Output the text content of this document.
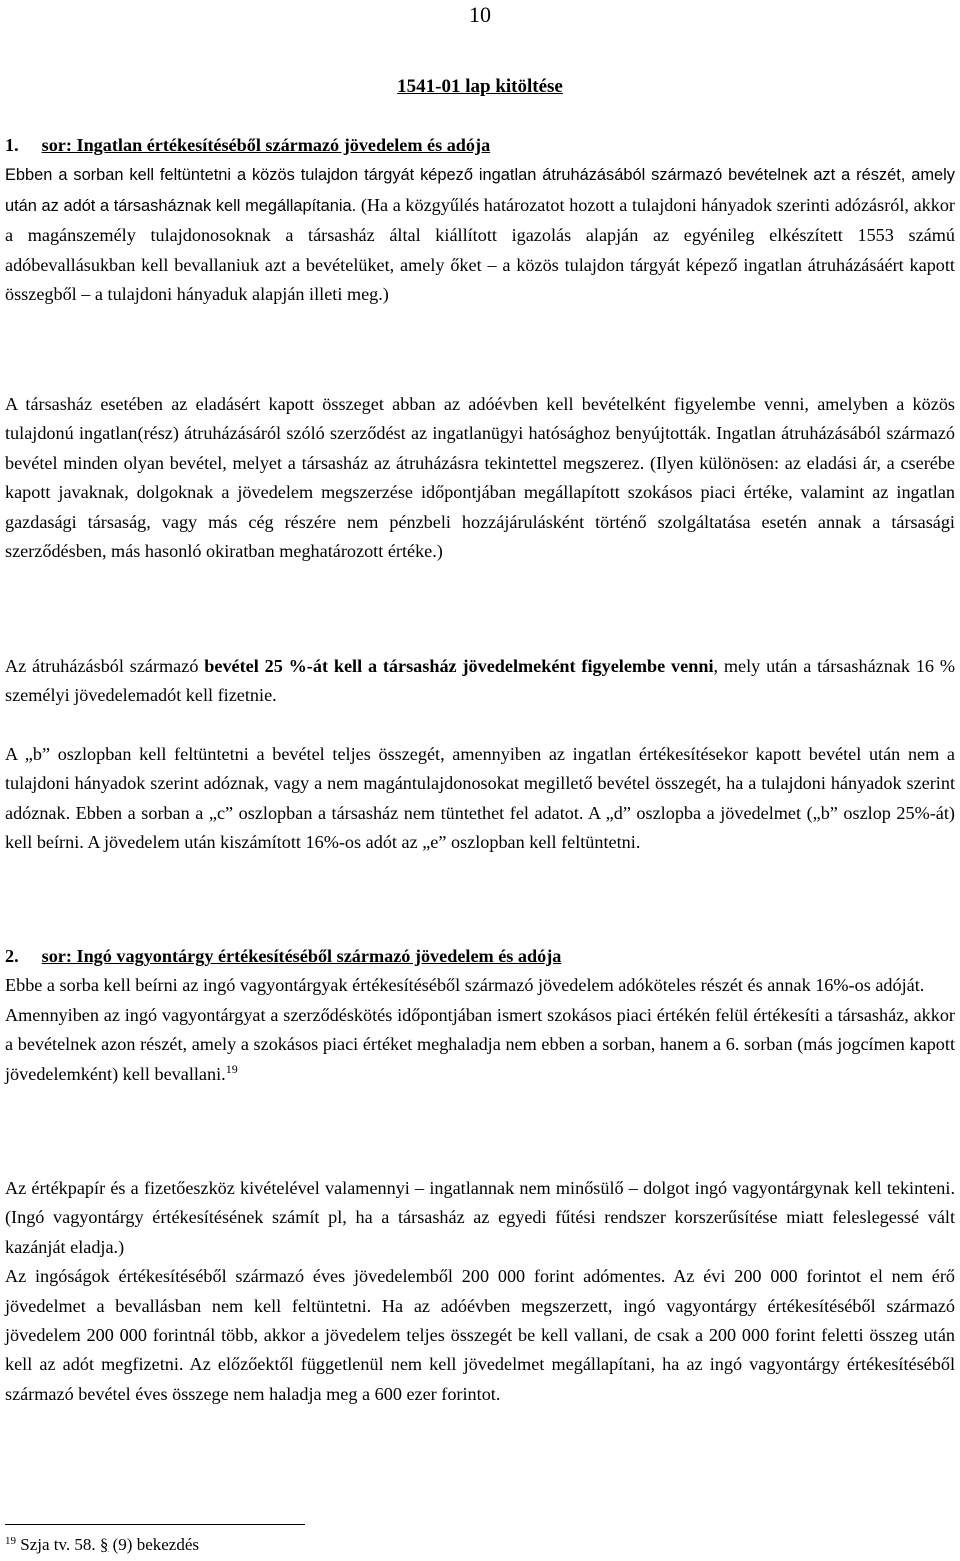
10
1541-01 lap kitöltése

1. sor: Ingatlan értékesítéséből származó jövedelem és adója

Ebben a sorban kell feltüntetni a közös tulajdon tárgyát képező ingatlan átruházásából származó bevételnek azt a részét, amely után az adót a társasháznak kell megállapítania. (Ha a közgyűlés határozatot hozott a tulajdoni hányadok szerinti adózásról, akkor a magánszemély tulajdonosoknak a társasház által kiállított igazolás alapján az egyénileg elkészített 1553 számú adóbevallásukban kell bevallaniuk azt a bevételüket, amely őket – a közös tulajdon tárgyát képező ingatlan átruházásáért kapott összegből – a tulajdoni hányaduk alapján illeti meg.)

A társasház esetében az eladásért kapott összeget abban az adóévben kell bevételként figyelembe venni, amelyben a közös tulajdonú ingatlan(rész) átruházásáról szóló szerződést az ingatlanügyi hatósághoz benyújtották. Ingatlan átruházásából származó bevétel minden olyan bevétel, melyet a társasház az átruházásra tekintettel megszerez. (Ilyen különösen: az eladási ár, a cserébe kapott javaknak, dolgoknak a jövedelem megszerzése időpontjában megállapított szokásos piaci értéke, valamint az ingatlan gazdasági társaság, vagy más cég részére nem pénzbeli hozzájárulásként történő szolgáltatása esetén annak a társasági szerződésben, más hasonló okiratban meghatározott értéke.)

Az átruházásból származó bevétel 25 %-át kell a társasház jövedelmeként figyelembe venni, mely után a társasháznak 16 % személyi jövedelemadót kell fizetnie.

A „b” oszlopban kell feltüntetni a bevétel teljes összegét, amennyiben az ingatlan értékesítésekor kapott bevétel után nem a tulajdoni hányadok szerint adóznak, vagy a nem magántulajdonosokat megillető bevétel összegét, ha a tulajdoni hányadok szerint adóznak. Ebben a sorban a „c” oszlopban a társasház nem tüntethet fel adatot. A „d” oszlopba a jövedelmet („b” oszlop 25%-át) kell beírni. A jövedelem után kiszámított 16%-os adót az „e” oszlopban kell feltüntetni.

2. sor: Ingó vagyontárgy értékesítéséből származó jövedelem és adója

Ebbe a sorba kell beírni az ingó vagyontárgyak értékesítéséből származó jövedelem adóköteles részét és annak 16%-os adóját.

Amennyiben az ingó vagyontárgyat a szerződéskötés időpontjában ismert szokásos piaci értékén felül értékesíti a társasház, akkor a bevételnek azon részét, amely a szokásos piaci értéket meghaladja nem ebben a sorban, hanem a 6. sorban (más jogcímen kapott jövedelemként) kell bevallani.$^{19}$

Az értékpapír és a fizetőeszköz kivételével valamennyi – ingatlannak nem minősülő – dolgot ingó vagyontárgynak kell tekinteni. (Ingó vagyontárgy értékesítésének számít pl, ha a társasház az egyedi fűtési rendszer korszerűsítése miatt feleslegessé vált kazánját eladja.)

Az ingóságok értékesítéséből származó éves jövedelemből 200 000 forint adómentes. Az évi 200 000 forintot el nem érő jövedelmet a bevallásban nem kell feltüntetni. Ha az adóévben megszerzett, ingó vagyontárgy értékesítéséből származó jövedelem 200 000 forintnál több, akkor a jövedelem teljes összegét be kell vallani, de csak a 200 000 forint feletti összeg után kell az adót megfizetni. Az előzőektől függetlenül nem kell jövedelmet megállapítani, ha az ingó vagyontárgy értékesítéséből származó bevétel éves összege nem haladja meg a 600 ezer forintot.

$^{19}$ Szja tv. 58. § (9) bekezdés
